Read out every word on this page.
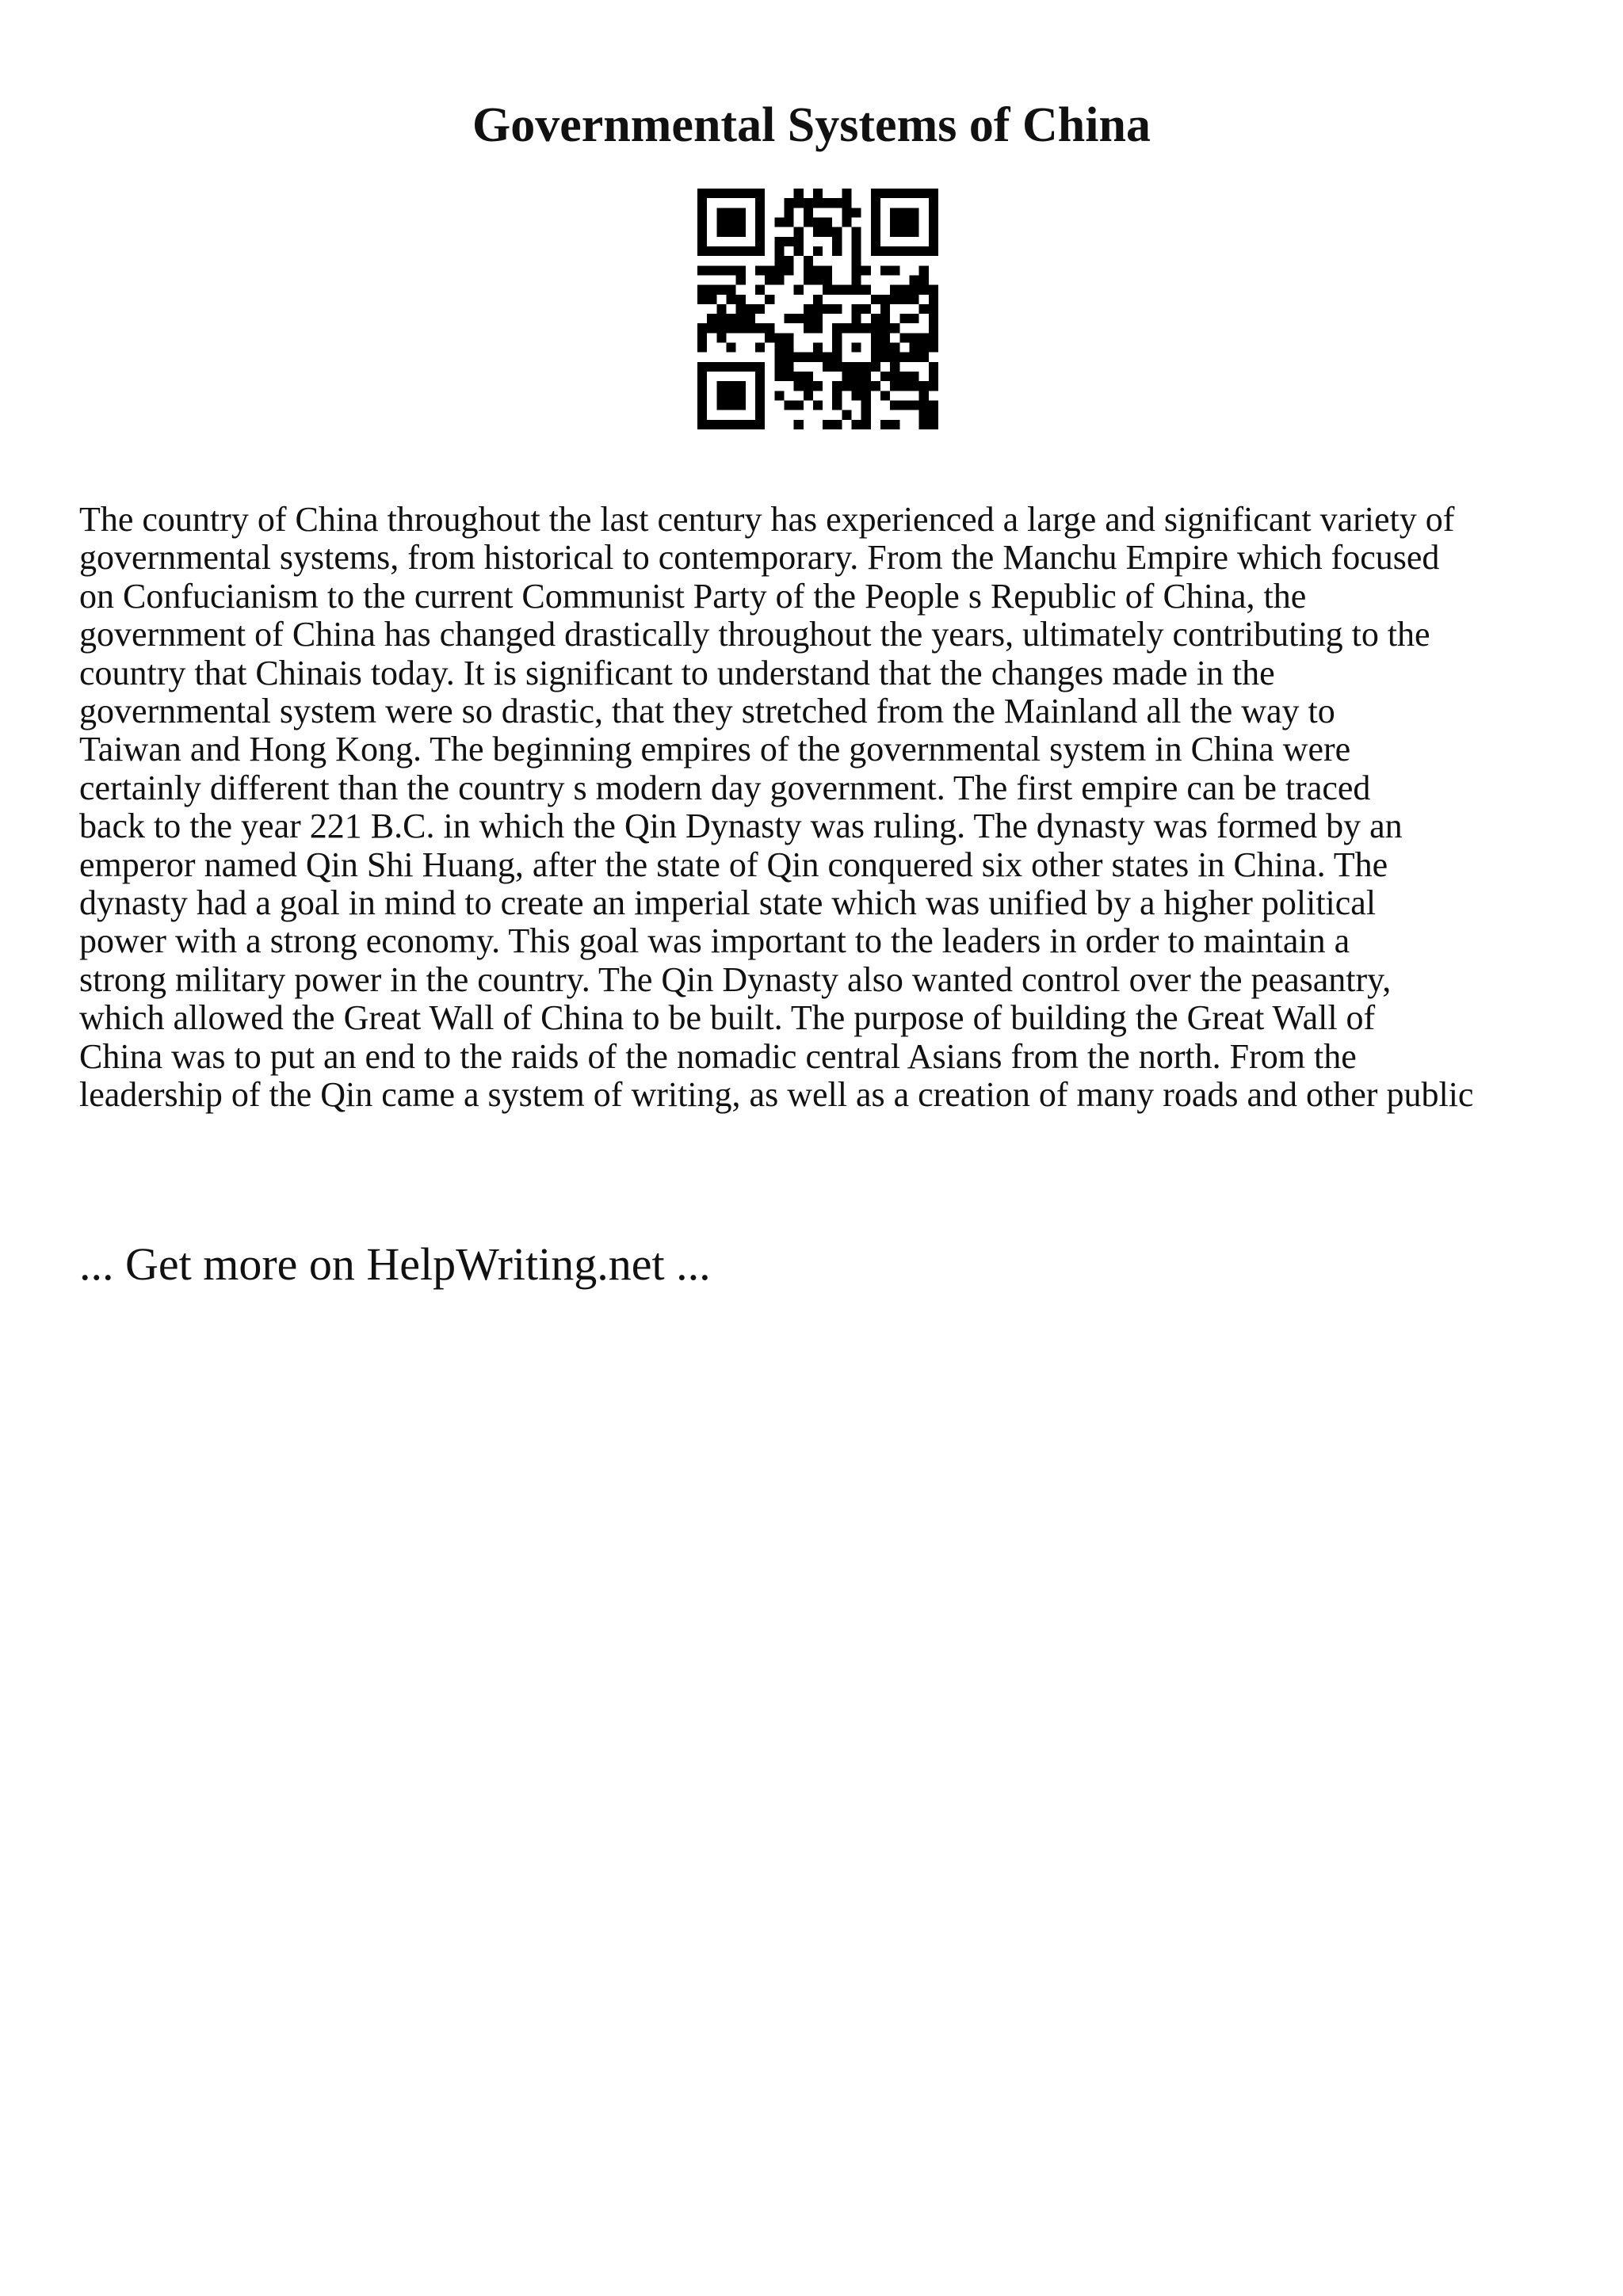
Governmental Systems of China
The country of China throughout the last century has experienced a large and significant variety of
governmental systems, from historical to contemporary. From the Manchu Empire which focused
on Confucianism to the current Communist Party of the People s Republic of China, the
government of China has changed drastically throughout the years, ultimately contributing to the
country that Chinais today. It is significant to understand that the changes made in the
governmental system were so drastic, that they stretched from the Mainland all the way to
Taiwan and Hong Kong. The beginning empires of the governmental system in China were
certainly different than the country s modern day government. The first empire can be traced
back to the year 221 B.C. in which the Qin Dynasty was ruling. The dynasty was formed by an
emperor named Qin Shi Huang, after the state of Qin conquered six other states in China. The
dynasty had a goal in mind to create an imperial state which was unified by a higher political
power with a strong economy. This goal was important to the leaders in order to maintain a
strong military power in the country. The Qin Dynasty also wanted control over the peasantry,
which allowed the Great Wall of China to be built. The purpose of building the Great Wall of
China was to put an end to the raids of the nomadic central Asians from the north. From the
leadership of the Qin came a system of writing, as well as a creation of many roads and other public
... Get more on HelpWriting.net ...
